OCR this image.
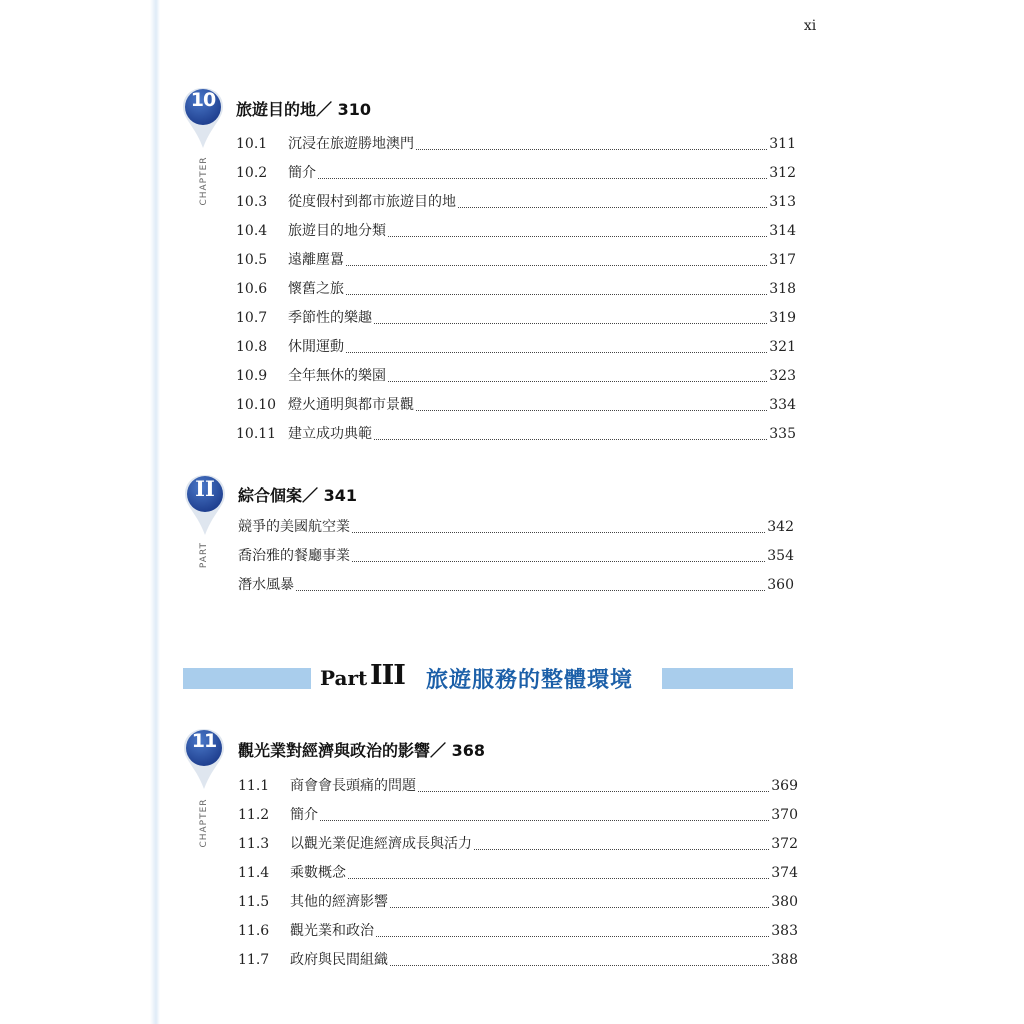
xi
10
CHAPTER
旅遊目的地／ 310
10.1	沉浸在旅遊勝地澳門	311
10.2	簡介	312
10.3	從度假村到都市旅遊目的地	313
10.4	旅遊目的地分類	314
10.5	遠離塵囂	317
10.6	懷舊之旅	318
10.7	季節性的樂趣	319
10.8	休閒運動	321
10.9	全年無休的樂園	323
10.10 燈火通明與都市景觀	334
10.11 建立成功典範	335
II
PART
綜合個案／ 341
競爭的美國航空業	342
喬治雅的餐廳事業	354
潛水風暴	360
Part III 旅遊服務的整體環境
11
CHAPTER
觀光業對經濟與政治的影響／ 368
11.1	商會會長頭痛的問題	369
11.2	簡介	370
11.3	以觀光業促進經濟成長與活力	372
11.4	乘數概念	374
11.5	其他的經濟影響	380
11.6	觀光業和政治	383
11.7	政府與民間組織	388
